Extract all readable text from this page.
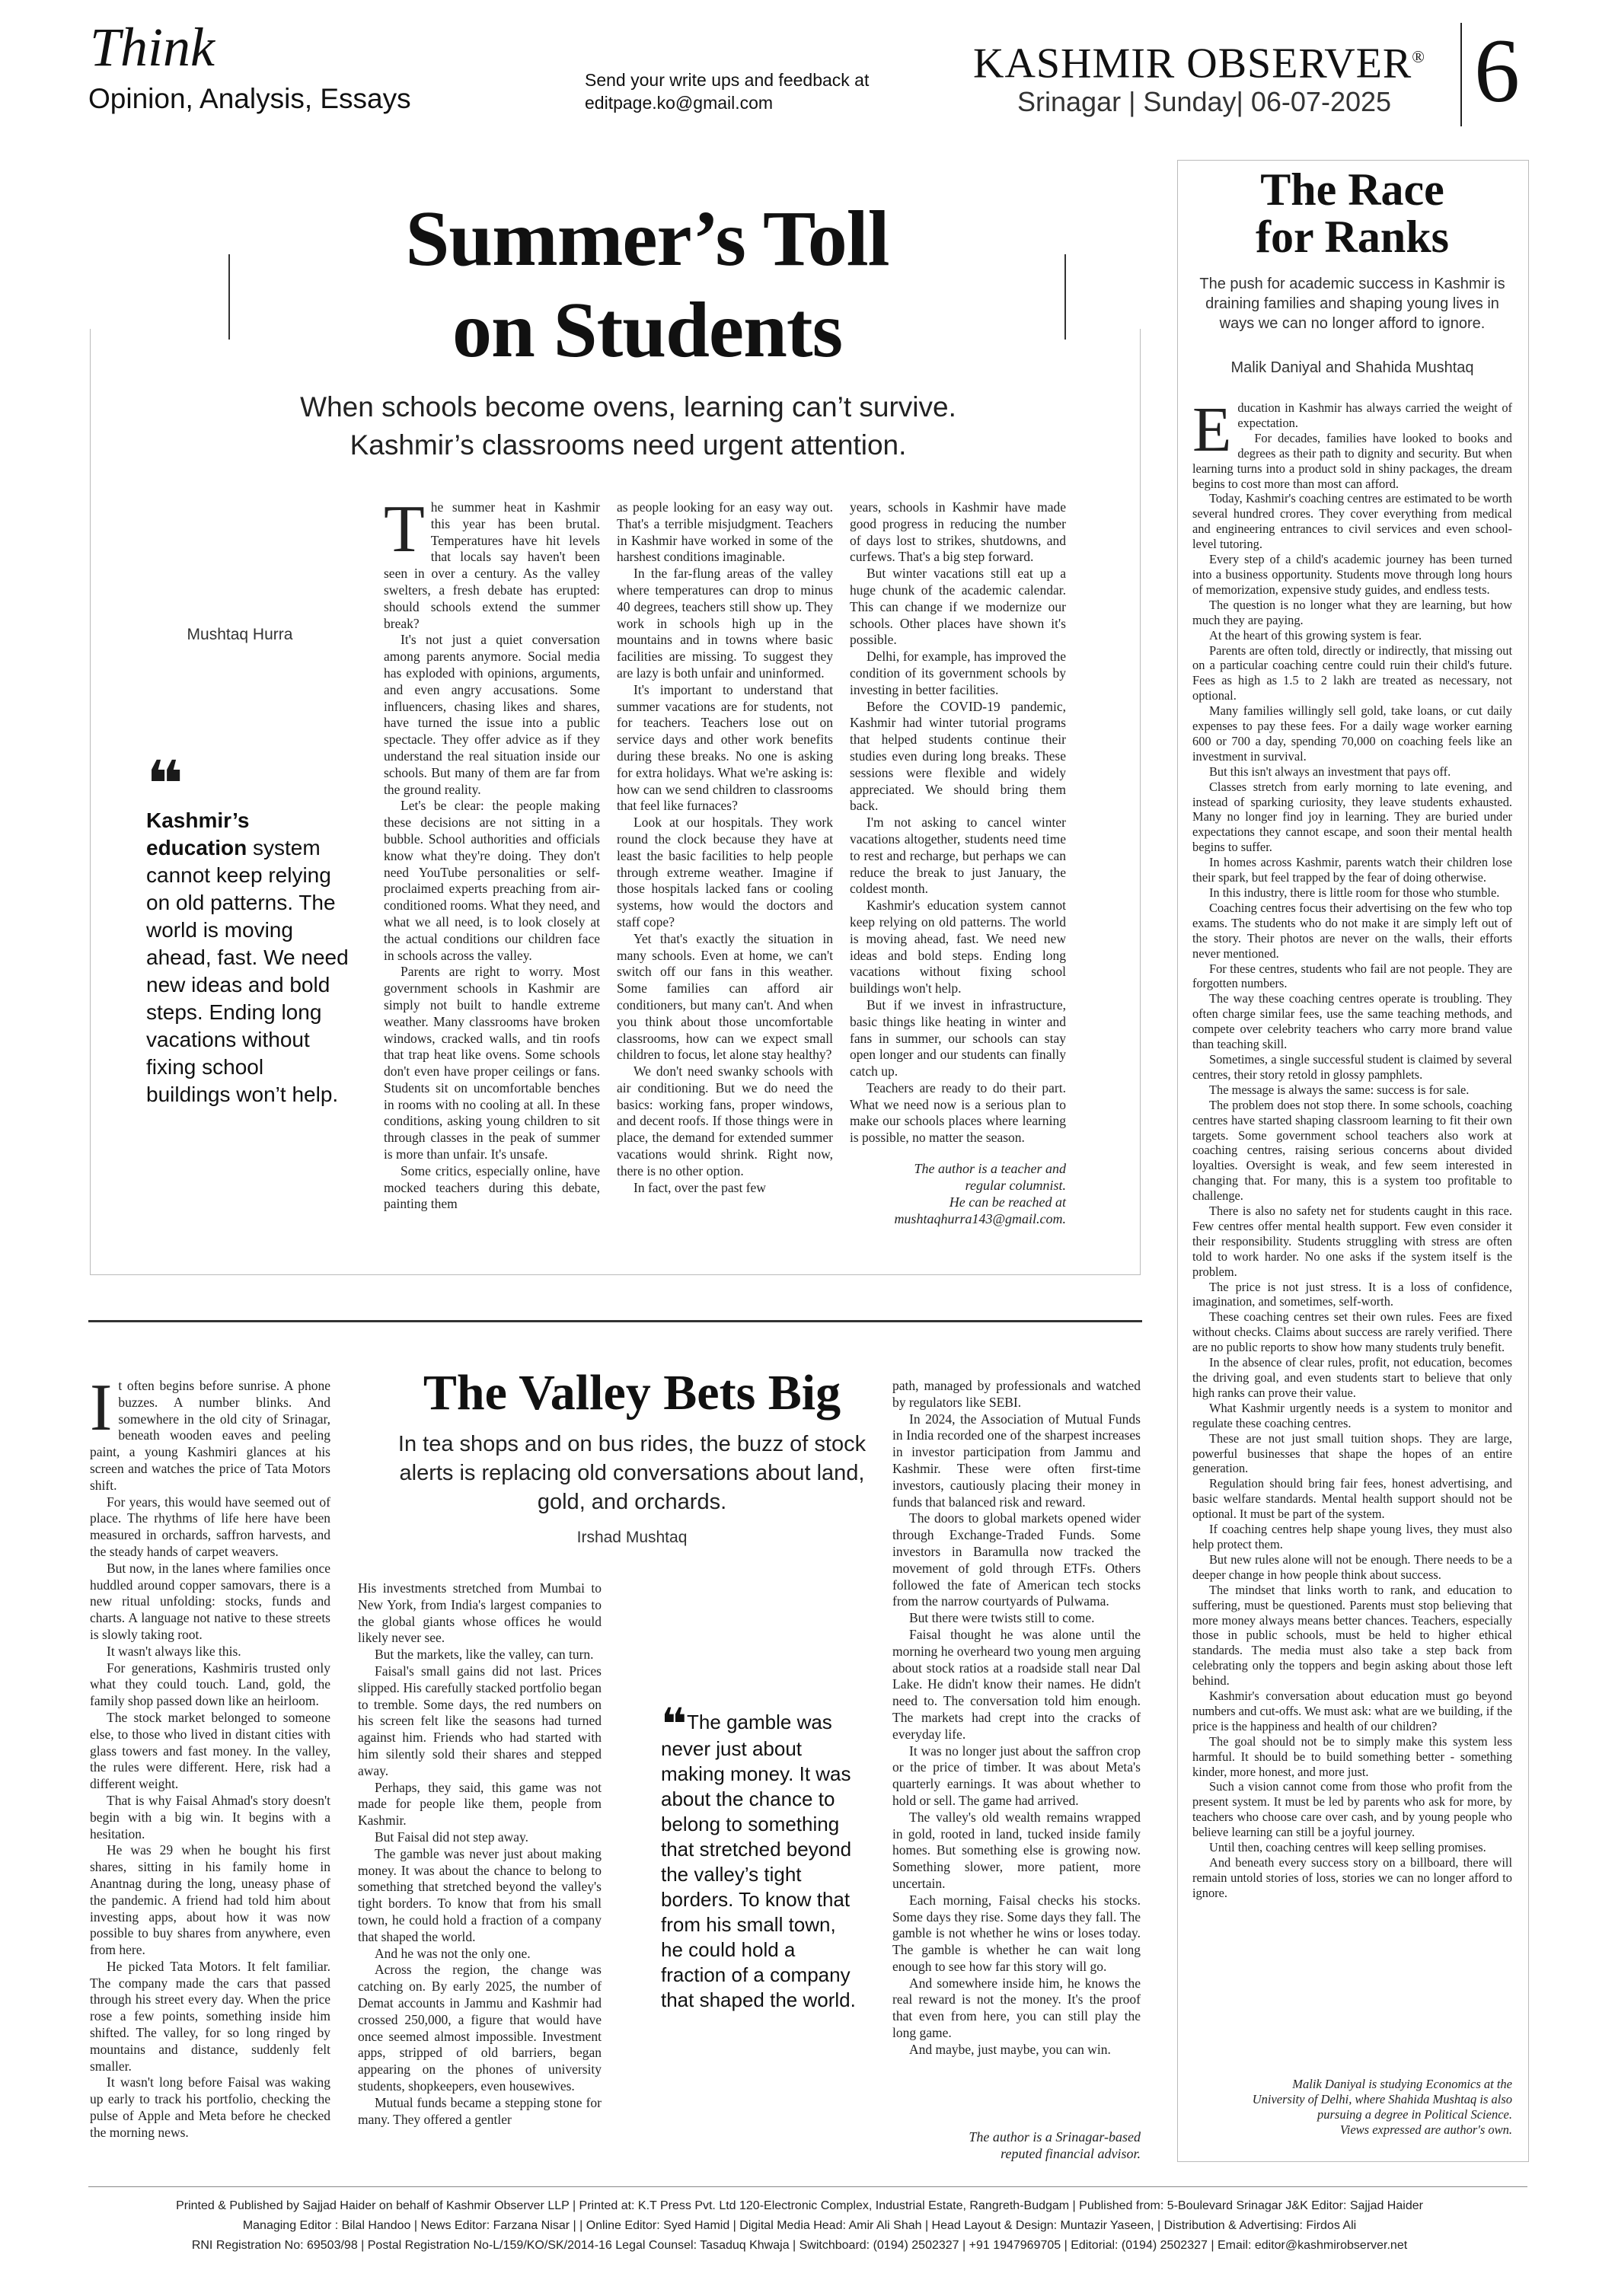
Think
Opinion, Analysis, Essays
Send your write ups and feedback at
editpage.ko@gmail.com
KASHMIR OBSERVER®
Srinagar | Sunday| 06-07-2025 6
Summer’s Toll
on Students
When schools become ovens, learning can’t survive. Kashmir’s classrooms need urgent attention.
Mushtaq Hurra
❝
Kashmir’s education system cannot keep relying on old patterns. The world is moving ahead, fast. We need new ideas and bold steps. Ending long vacations without fixing school buildings won’t help.

The summer heat in Kashmir this year has been brutal. Temperatures have hit levels that locals say haven't been seen in over a century. As the valley swelters, a fresh debate has erupted: should schools extend the summer break?

It's not just a quiet conversation among parents anymore. Social media has exploded with opinions, arguments, and even angry accusations. Some influencers, chasing likes and shares, have turned the issue into a public spectacle. They offer advice as if they understand the real situation inside our schools. But many of them are far from the ground reality.

Let's be clear: the people making these decisions are not sitting in a bubble. School authorities and officials know what they're doing. They don't need YouTube personalities or self-proclaimed experts preaching from air-conditioned rooms. What they need, and what we all need, is to look closely at the actual conditions our children face in schools across the valley.

Parents are right to worry. Most government schools in Kashmir are simply not built to handle extreme weather. Many classrooms have broken windows, cracked walls, and tin roofs that trap heat like ovens. Some schools don't even have proper ceilings or fans. Students sit on uncomfortable benches in rooms with no cooling at all. In these conditions, asking young children to sit through classes in the peak of summer is more than unfair. It's unsafe.

Some critics, especially online, have mocked teachers during this debate, painting them

as people looking for an easy way out. That's a terrible misjudgment. Teachers in Kashmir have worked in some of the harshest conditions imaginable.

In the far-flung areas of the valley where temperatures can drop to minus 40 degrees, teachers still show up. They work in schools high up in the mountains and in towns where basic facilities are missing. To suggest they are lazy is both unfair and uninformed.

It's important to understand that summer vacations are for students, not for teachers. Teachers lose out on service days and other work benefits during these breaks. No one is asking for extra holidays. What we're asking is: how can we send children to classrooms that feel like furnaces?

Look at our hospitals. They work round the clock because they have at least the basic facilities to help people through extreme weather. Imagine if those hospitals lacked fans or cooling systems, how would the doctors and staff cope?

Yet that's exactly the situation in many schools. Even at home, we can't switch off our fans in this weather. Some families can afford air conditioners, but many can't. And when you think about those uncomfortable classrooms, how can we expect small children to focus, let alone stay healthy?

We don't need swanky schools with air conditioning. But we do need the basics: working fans, proper windows, and decent roofs. If those things were in place, the demand for extended summer vacations would shrink. Right now, there is no other option.

In fact, over the past few

years, schools in Kashmir have made good progress in reducing the number of days lost to strikes, shutdowns, and curfews. That's a big step forward.

But winter vacations still eat up a huge chunk of the academic calendar. This can change if we modernize our schools. Other places have shown it's possible.

Delhi, for example, has improved the condition of its government schools by investing in better facilities.

Before the COVID-19 pandemic, Kashmir had winter tutorial programs that helped students continue their studies even during long breaks. These sessions were flexible and widely appreciated. We should bring them back.

I'm not asking to cancel winter vacations altogether, students need time to rest and recharge, but perhaps we can reduce the break to just January, the coldest month.

Kashmir's education system cannot keep relying on old patterns. The world is moving ahead, fast. We need new ideas and bold steps. Ending long vacations without fixing school buildings won't help.

But if we invest in infrastructure, basic things like heating in winter and fans in summer, our schools can stay open longer and our students can finally catch up.

Teachers are ready to do their part. What we need now is a serious plan to make our schools places where learning is possible, no matter the season.

The author is a teacher and
regular columnist.
He can be reached at
mushtaqhurra143@gmail.com.

It often begins before sunrise. A phone buzzes. A number blinks. And somewhere in the old city of Srinagar, beneath wooden eaves and peeling paint, a young Kashmiri glances at his screen and watches the price of Tata Motors shift.

For years, this would have seemed out of place. The rhythms of life here have been measured in orchards, saffron harvests, and the steady hands of carpet weavers.

But now, in the lanes where families once huddled around copper samovars, there is a new ritual unfolding: stocks, funds and charts. A language not native to these streets is slowly taking root.

It wasn't always like this.

For generations, Kashmiris trusted only what they could touch. Land, gold, the family shop passed down like an heirloom.

The stock market belonged to someone else, to those who lived in distant cities with glass towers and fast money. In the valley, the rules were different. Here, risk had a different weight.

That is why Faisal Ahmad's story doesn't begin with a big win. It begins with a hesitation.

He was 29 when he bought his first shares, sitting in his family home in Anantnag during the long, uneasy phase of the pandemic. A friend had told him about investing apps, about how it was now possible to buy shares from anywhere, even from here.

He picked Tata Motors. It felt familiar. The company made the cars that passed through his street every day. When the price rose a few points, something inside him shifted. The valley, for so long ringed by mountains and distance, suddenly felt smaller.

It wasn't long before Faisal was waking up early to track his portfolio, checking the pulse of Apple and Meta before he checked the morning news.

The Valley Bets Big
In tea shops and on bus rides, the buzz of stock alerts is replacing old conversations about land, gold, and orchards.
Irshad Mushtaq

His investments stretched from Mumbai to New York, from India's largest companies to the global giants whose offices he would likely never see.

But the markets, like the valley, can turn.

Faisal's small gains did not last. Prices slipped. His carefully stacked portfolio began to tremble. Some days, the red numbers on his screen felt like the seasons had turned against him. Friends who had started with him silently sold their shares and stepped away.

Perhaps, they said, this game was not made for people like them, people from Kashmir.

But Faisal did not step away.

The gamble was never just about making money. It was about the chance to belong to something that stretched beyond the valley's tight borders. To know that from his small town, he could hold a fraction of a company that shaped the world.

And he was not the only one.

Across the region, the change was catching on. By early 2025, the number of Demat accounts in Jammu and Kashmir had crossed 250,000, a figure that would have once seemed almost impossible. Investment apps, stripped of old barriers, began appearing on the phones of university students, shopkeepers, even housewives.

Mutual funds became a stepping stone for many. They offered a gentler

❝The gamble was never just about making money. It was about the chance to belong to something that stretched beyond the valley’s tight borders. To know that from his small town, he could hold a fraction of a company that shaped the world.

path, managed by professionals and watched by regulators like SEBI.

In 2024, the Association of Mutual Funds in India recorded one of the sharpest increases in investor participation from Jammu and Kashmir. These were often first-time investors, cautiously placing their money in funds that balanced risk and reward.

The doors to global markets opened wider through Exchange-Traded Funds. Some investors in Baramulla now tracked the movement of gold through ETFs. Others followed the fate of American tech stocks from the narrow courtyards of Pulwama.

But there were twists still to come.

Faisal thought he was alone until the morning he overheard two young men arguing about stock ratios at a roadside stall near Dal Lake. He didn't know their names. He didn't need to. The conversation told him enough. The markets had crept into the cracks of everyday life.

It was no longer just about the saffron crop or the price of timber. It was about Meta's quarterly earnings. It was about whether to hold or sell. The game had arrived.

The valley's old wealth remains wrapped in gold, rooted in land, tucked inside family homes. But something else is growing now. Something slower, more patient, more uncertain.

Each morning, Faisal checks his stocks. Some days they rise. Some days they fall. The gamble is not whether he wins or loses today. The gamble is whether he can wait long enough to see how far this story will go.

And somewhere inside him, he knows the real reward is not the money. It's the proof that even from here, you can still play the long game.

And maybe, just maybe, you can win.

The author is a Srinagar-based
reputed financial advisor.
The Race
for Ranks
The push for academic success in Kashmir is draining families and shaping young lives in ways we can no longer afford to ignore.
Malik Daniyal and Shahida Mushtaq

Education in Kashmir has always carried the weight of expectation.

For decades, families have looked to books and degrees as their path to dignity and security. But when learning turns into a product sold in shiny packages, the dream begins to cost more than most can afford.

Today, Kashmir's coaching centres are estimated to be worth several hundred crores. They cover everything from medical and engineering entrances to civil services and even school-level tutoring.

Every step of a child's academic journey has been turned into a business opportunity. Students move through long hours of memorization, expensive study guides, and endless tests.

The question is no longer what they are learning, but how much they are paying.

At the heart of this growing system is fear.

Parents are often told, directly or indirectly, that missing out on a particular coaching centre could ruin their child's future. Fees as high as 1.5 to 2 lakh are treated as necessary, not optional.

Many families willingly sell gold, take loans, or cut daily expenses to pay these fees. For a daily wage worker earning 600 or 700 a day, spending 70,000 on coaching feels like an investment in survival.

But this isn't always an investment that pays off.

Classes stretch from early morning to late evening, and instead of sparking curiosity, they leave students exhausted. Many no longer find joy in learning. They are buried under expectations they cannot escape, and soon their mental health begins to suffer.

In homes across Kashmir, parents watch their children lose their spark, but feel trapped by the fear of doing otherwise.

In this industry, there is little room for those who stumble.

Coaching centres focus their advertising on the few who top exams. The students who do not make it are simply left out of the story. Their photos are never on the walls, their efforts never mentioned.

For these centres, students who fail are not people. They are forgotten numbers.

The way these coaching centres operate is troubling. They often charge similar fees, use the same teaching methods, and compete over celebrity teachers who carry more brand value than teaching skill.

Sometimes, a single successful student is claimed by several centres, their story retold in glossy pamphlets.

The message is always the same: success is for sale.

The problem does not stop there. In some schools, coaching centres have started shaping classroom learning to fit their own targets. Some government school teachers also work at coaching centres, raising serious concerns about divided loyalties. Oversight is weak, and few seem interested in changing that. For many, this is a system too profitable to challenge.

There is also no safety net for students caught in this race. Few centres offer mental health support. Few even consider it their responsibility. Students struggling with stress are often told to work harder. No one asks if the system itself is the problem.

The price is not just stress. It is a loss of confidence, imagination, and sometimes, self-worth.

These coaching centres set their own rules. Fees are fixed without checks. Claims about success are rarely verified. There are no public reports to show how many students truly benefit.

In the absence of clear rules, profit, not education, becomes the driving goal, and even students start to believe that only high ranks can prove their value.

What Kashmir urgently needs is a system to monitor and regulate these coaching centres.

These are not just small tuition shops. They are large, powerful businesses that shape the hopes of an entire generation.

Regulation should bring fair fees, honest advertising, and basic welfare standards. Mental health support should not be optional. It must be part of the system.

If coaching centres help shape young lives, they must also help protect them.

But new rules alone will not be enough. There needs to be a deeper change in how people think about success.

The mindset that links worth to rank, and education to suffering, must be questioned. Parents must stop believing that more money always means better chances. Teachers, especially those in public schools, must be held to higher ethical standards. The media must also take a step back from celebrating only the toppers and begin asking about those left behind.

Kashmir's conversation about education must go beyond numbers and cut-offs. We must ask: what are we building, if the price is the happiness and health of our children?

The goal should not be to simply make this system less harmful. It should be to build something better - something kinder, more honest, and more just.

Such a vision cannot come from those who profit from the present system. It must be led by parents who ask for more, by teachers who choose care over cash, and by young people who believe learning can still be a joyful journey.

Until then, coaching centres will keep selling promises.

And beneath every success story on a billboard, there will remain untold stories of loss, stories we can no longer afford to ignore.

Malik Daniyal is studying Economics at the
University of Delhi, where Shahida Mushtaq is also
pursuing a degree in Political Science.
Views expressed are author's own.
Printed & Published by Sajjad Haider on behalf of Kashmir Observer LLP | Printed at: K.T Press Pvt. Ltd 120-Electronic Complex, Industrial Estate, Rangreth-Budgam | Published from: 5-Boulevard Srinagar J&K Editor: Sajjad Haider
Managing Editor : Bilal Handoo | News Editor: Farzana Nisar | | Online Editor: Syed Hamid | Digital Media Head: Amir Ali Shah | Head Layout & Design: Muntazir Yaseen, | Distribution & Advertising: Firdos Ali
RNI Registration No: 69503/98 | Postal Registration No-L/159/KO/SK/2014-16 Legal Counsel: Tasaduq Khwaja | Switchboard: (0194) 2502327 | +91 1947969705 | Editorial: (0194) 2502327 | Email: editor@kashmirobserver.net
